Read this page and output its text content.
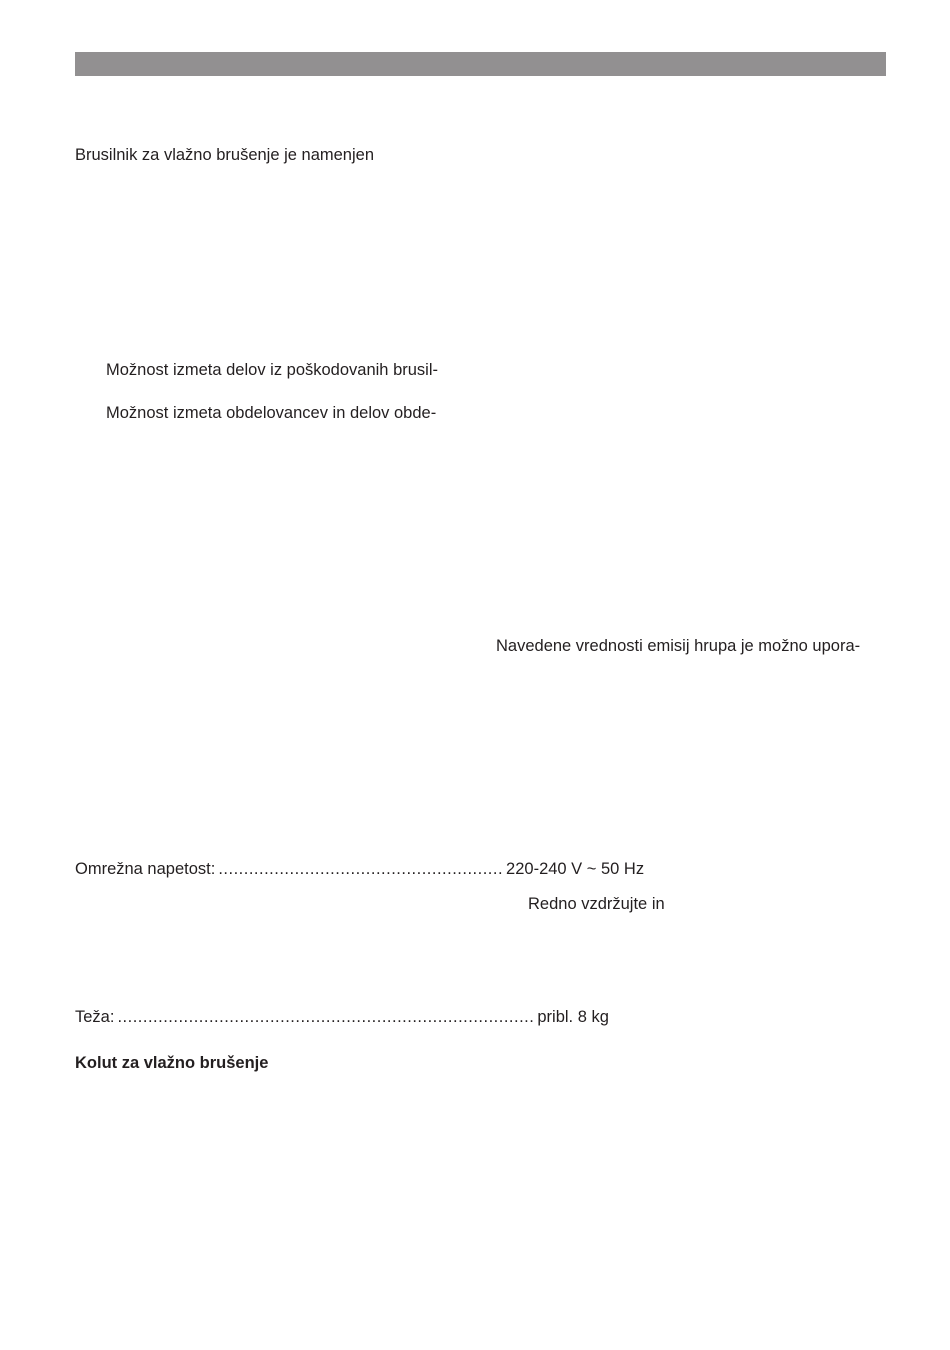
Brusilnik za vlažno brušenje je namenjen
Možnost izmeta delov iz poškodovanih brusil-
Možnost izmeta obdelovancev in delov obde-
Navedene vrednosti emisij hrupa je možno upora-
Omrežna napetost: ........................................................ 220-240 V ~ 50 Hz
Redno vzdržujte in
Teža: .................................................................................. pribl. 8 kg
Kolut za vlažno brušenje
